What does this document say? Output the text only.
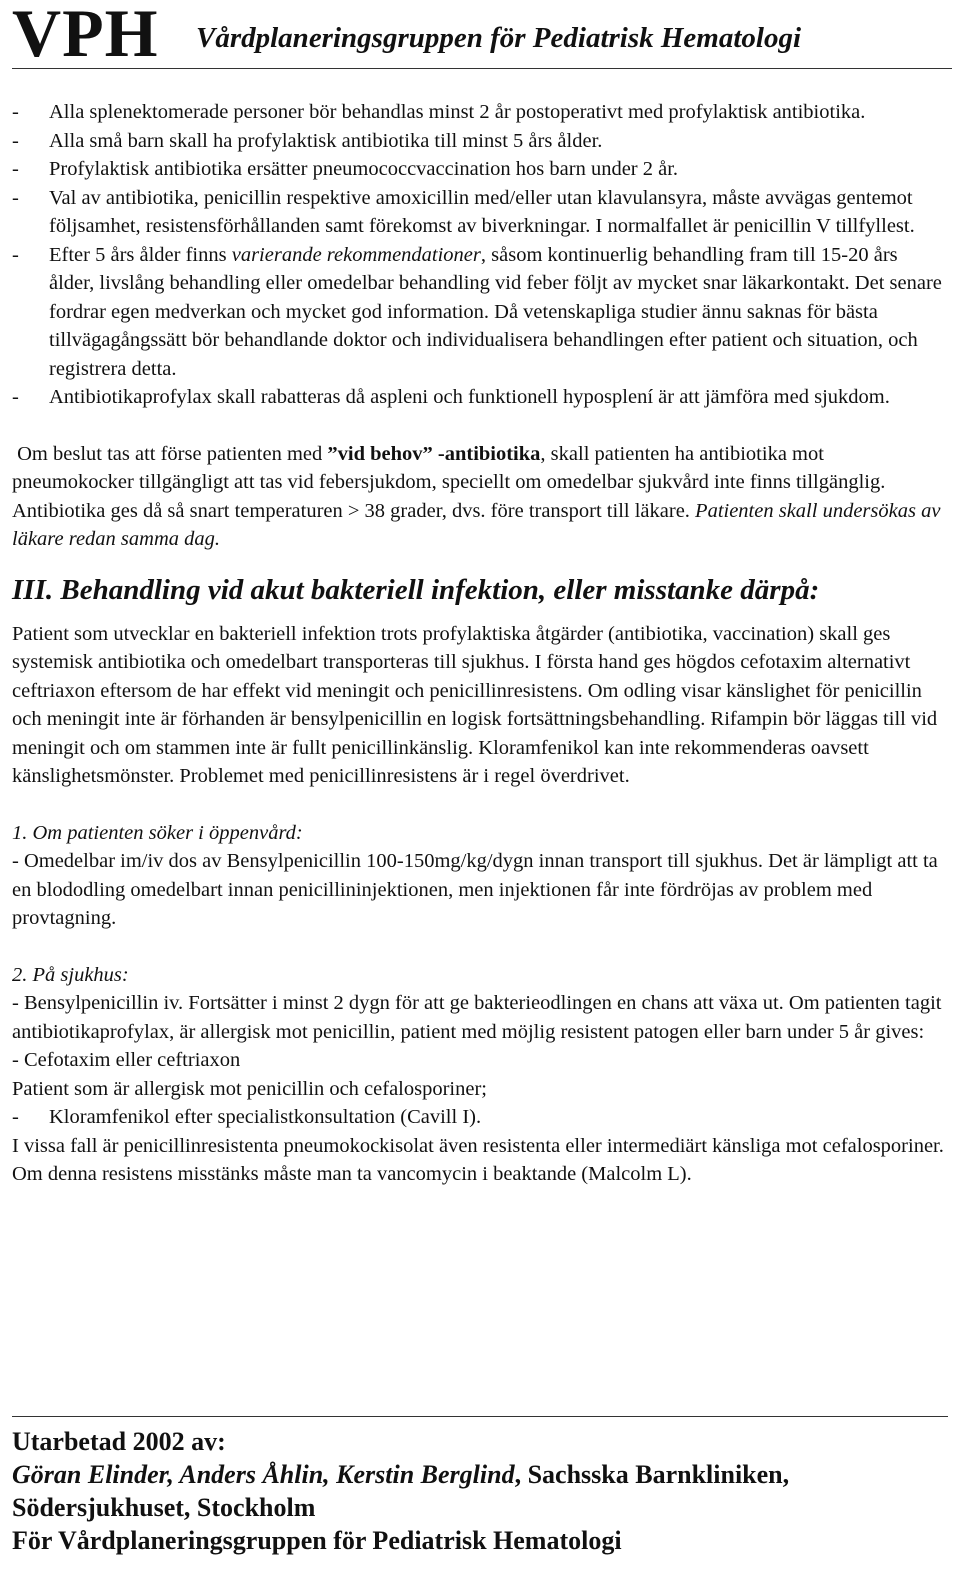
VPH Vårdplaneringsgruppen för Pediatrisk Hematologi
- Alla splenektomerade personer bör behandlas minst 2 år postoperativt med profylaktisk antibiotika.
- Alla små barn skall ha profylaktisk antibiotika till minst 5 års ålder.
- Profylaktisk antibiotika ersätter pneumococcvaccination hos barn under 2 år.
- Val av antibiotika, penicillin respektive amoxicillin med/eller utan klavulansyra, måste avvägas gentemot följsamhet, resistensförhållanden samt förekomst av biverkningar. I normalfallet är penicillin V tillfyllest.
- Efter 5 års ålder finns varierande rekommendationer, såsom kontinuerlig behandling fram till 15-20 års ålder, livslång behandling eller omedelbar behandling vid feber följt av mycket snar läkarkontakt. Det senare fordrar egen medverkan och mycket god information. Då vetenskapliga studier ännu saknas för bästa tillvägagångssätt bör behandlande doktor och individualisera behandlingen efter patient och situation, och registrera detta.
- Antibiotikaprofylax skall rabatteras då aspleni och funktionell hyposplení är att jämföra med sjukdom.

Om beslut tas att förse patienten med ”vid behov” -antibiotika, skall patienten ha antibiotika mot pneumokocker tillgängligt att tas vid febersjukdom, speciellt om omedelbar sjukvård inte finns tillgänglig. Antibiotika ges då så snart temperaturen > 38 grader, dvs. före transport till läkare. Patienten skall undersökas av läkare redan samma dag.

III. Behandling vid akut bakteriell infektion, eller misstanke därpå:

Patient som utvecklar en bakteriell infektion trots profylaktiska åtgärder (antibiotika, vaccination) skall ges systemisk antibiotika och omedelbart transporteras till sjukhus. I första hand ges högdos cefotaxim alternativt ceftriaxon eftersom de har effekt vid meningit och penicillinresistens. Om odling visar känslighet för penicillin och meningit inte är förhanden är bensylpenicillin en logisk fortsättningsbehandling. Rifampin bör läggas till vid meningit och om stammen inte är fullt penicillinkänslig. Kloramfenikol kan inte rekommenderas oavsett känslighetsmönster. Problemet med penicillinresistens är i regel överdrivet.

1. Om patienten söker i öppenvård:

- Omedelbar im/iv dos av Bensylpenicillin 100-150mg/kg/dygn innan transport till sjukhus. Det är lämpligt att ta en blododling omedelbart innan penicillininjektionen, men injektionen får inte fördröjas av problem med provtagning.

2. På sjukhus:

- Bensylpenicillin iv. Fortsätter i minst 2 dygn för att ge bakterieodlingen en chans att växa ut. Om patienten tagit antibiotikaprofylax, är allergisk mot penicillin, patient med möjlig resistent patogen eller barn under 5 år gives:

- Cefotaxim eller ceftriaxon

Patient som är allergisk mot penicillin och cefalosporiner;

- Kloramfenikol efter specialistkonsultation (Cavill I).

I vissa fall är penicillinresistenta pneumokockisolat även resistenta eller intermediärt känsliga mot cefalosporiner. Om denna resistens misstänks måste man ta vancomycin i beaktande (Malcolm L).

Utarbetad 2002 av:
Göran Elinder, Anders Åhlin, Kerstin Berglind, Sachsska Barnkliniken, Södersjukhuset, Stockholm
För Vårdplaneringsgruppen för Pediatrisk Hematologi
